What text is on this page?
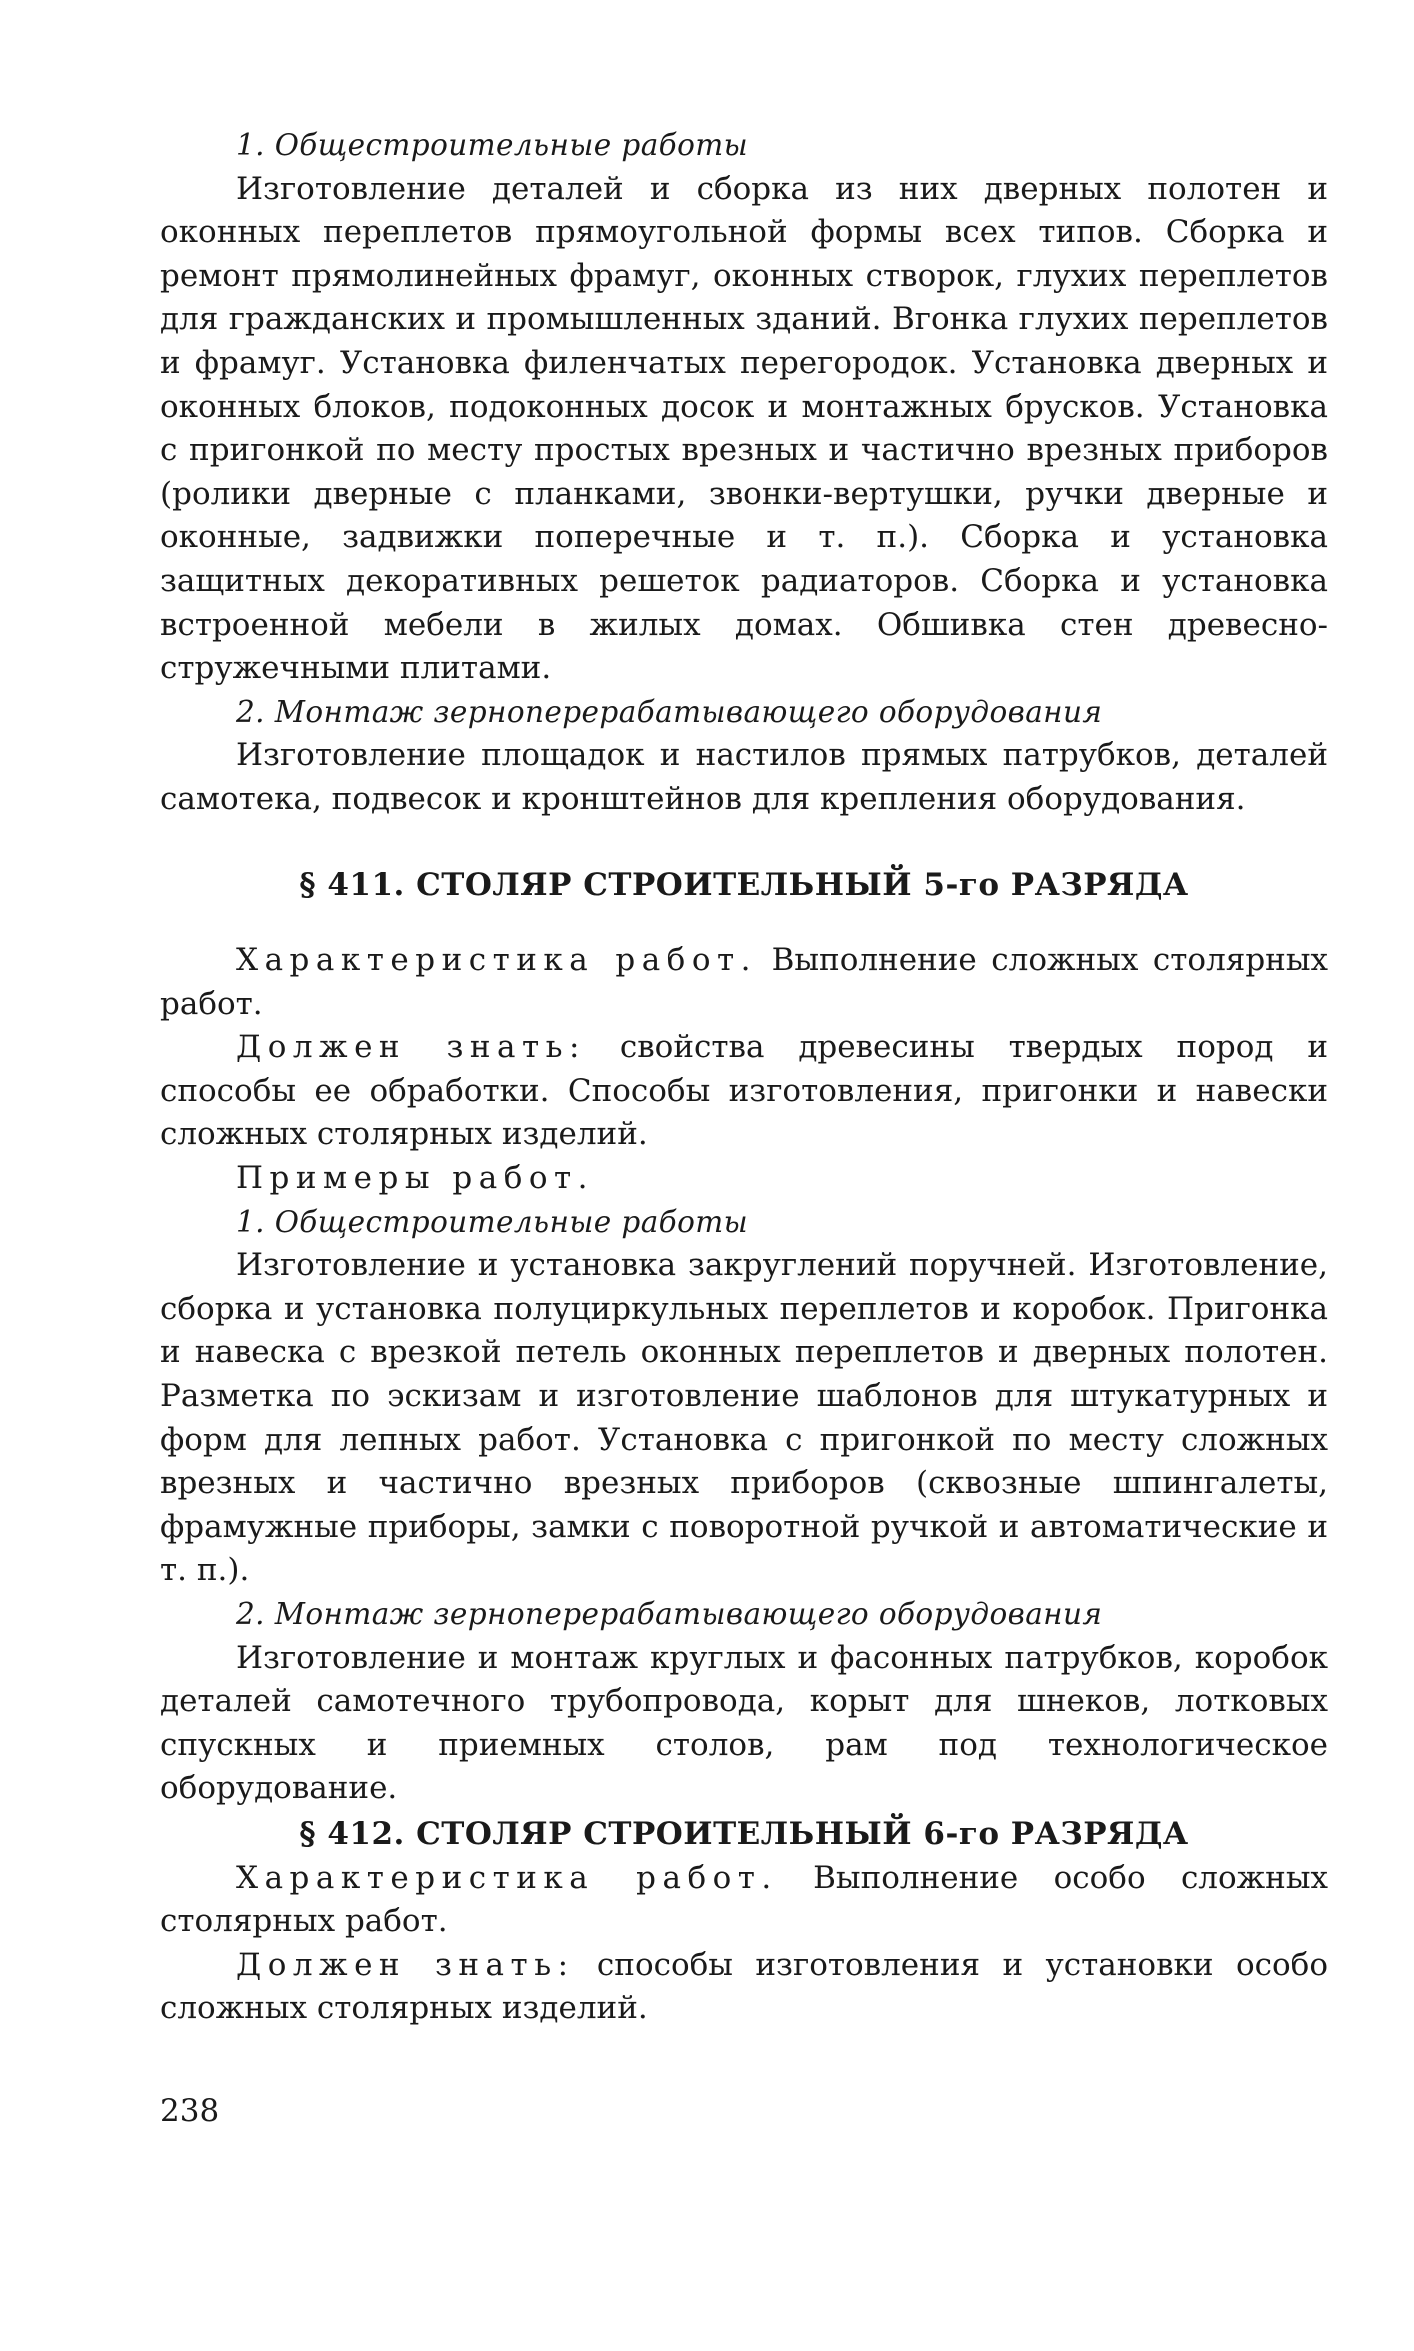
1. Общестроительные работы

Изготовление деталей и сборка из них дверных полотен и оконных переплетов прямоугольной формы всех типов. Сборка и ремонт прямолинейных фрамуг, оконных створок, глухих переплетов для гражданских и промышленных зданий. Вгонка глухих переплетов и фрамуг. Установка филенчатых перегородок. Установка дверных и оконных блоков, подоконных досок и монтажных брусков. Установка с пригонкой по месту простых врезных и частично врезных приборов (ролики дверные с планками, звонки-вертушки, ручки дверные и оконные, задвижки поперечные и т. п.). Сборка и установка защитных декоративных решеток радиаторов. Сборка и установка встроенной мебели в жилых домах. Обшивка стен древесно-стружечными плитами.

2. Монтаж зерноперерабатывающего оборудования

Изготовление площадок и настилов прямых патрубков, деталей самотека, подвесок и кронштейнов для крепления оборудования.

§ 411. СТОЛЯР СТРОИТЕЛЬНЫЙ 5-го РАЗРЯДА

Характеристика работ. Выполнение сложных столярных работ.

Должен знать: свойства древесины твердых пород и способы ее обработки. Способы изготовления, пригонки и навески сложных столярных изделий.

Примеры работ.

1. Общестроительные работы

Изготовление и установка закруглений поручней. Изготовление, сборка и установка полуциркульных переплетов и коробок. Пригонка и навеска с врезкой петель оконных переплетов и дверных полотен. Разметка по эскизам и изготовление шаблонов для штукатурных и форм для лепных работ. Установка с пригонкой по месту сложных врезных и частично врезных приборов (сквозные шпингалеты, фрамужные приборы, замки с поворотной ручкой и автоматические и т. п.).

2. Монтаж зерноперерабатывающего оборудования

Изготовление и монтаж круглых и фасонных патрубков, коробок деталей самотечного трубопровода, корыт для шнеков, лотковых спускных и приемных столов, рам под технологическое оборудование.

§ 412. СТОЛЯР СТРОИТЕЛЬНЫЙ 6-го РАЗРЯДА

Характеристика работ. Выполнение особо сложных столярных работ.

Должен знать: способы изготовления и установки особо сложных столярных изделий.

238
